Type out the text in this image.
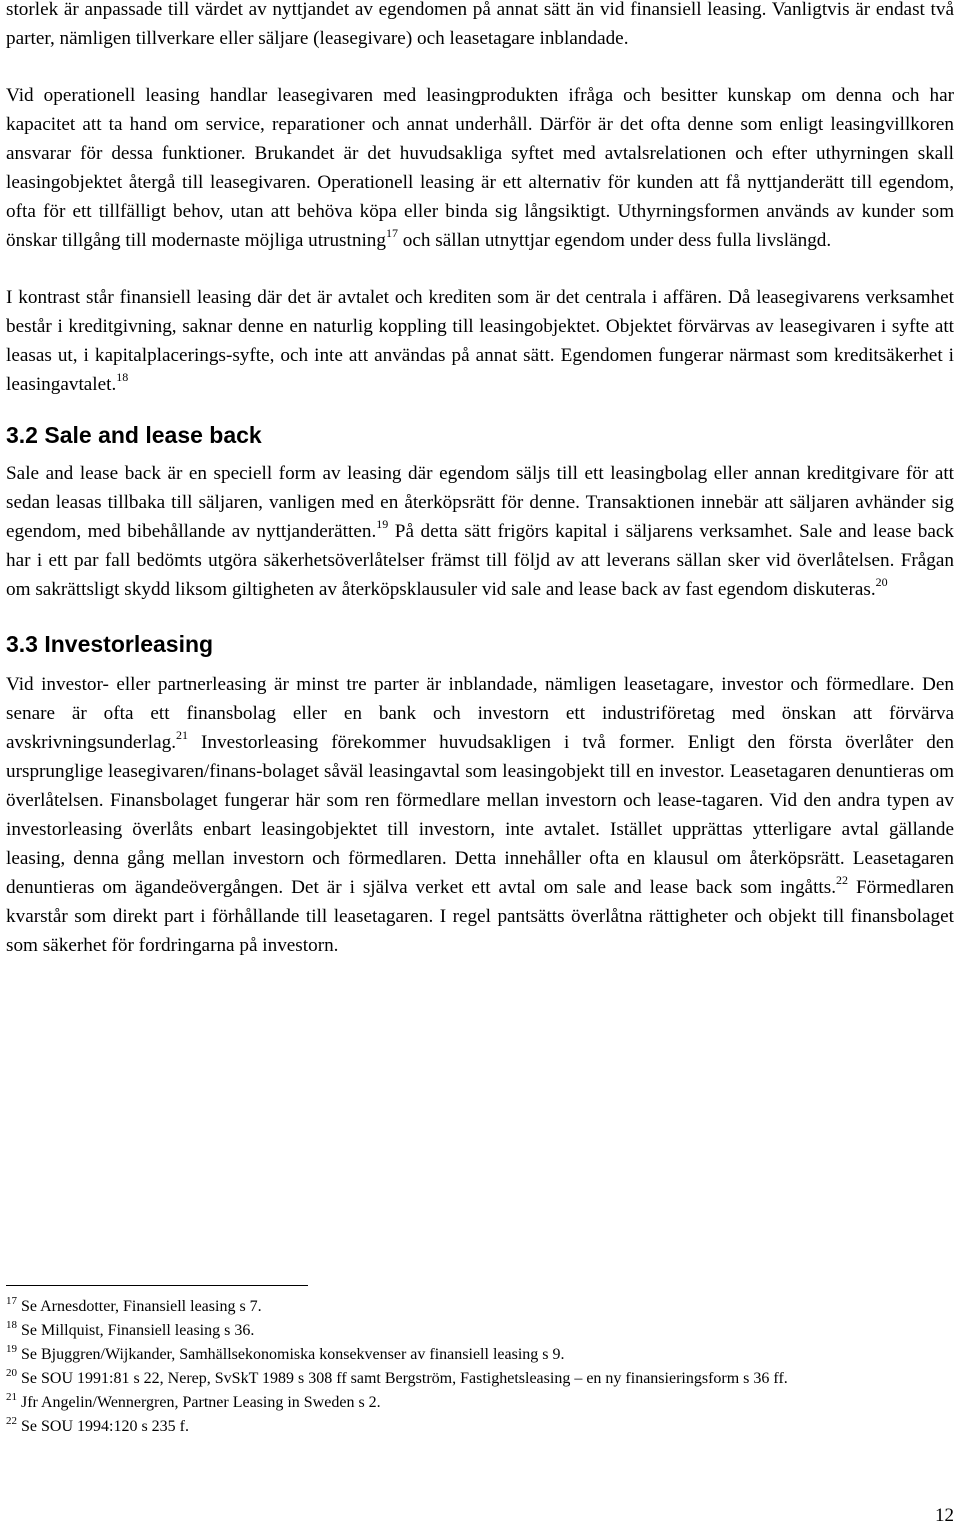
storlek är anpassade till värdet av nyttjandet av egendomen på annat sätt än vid finansiell leasing. Vanligtvis är endast två parter, nämligen tillverkare eller säljare (leasegivare) och leasetagare inblandade.

Vid operationell leasing handlar leasegivaren med leasingprodukten ifråga och besitter kunskap om denna och har kapacitet att ta hand om service, reparationer och annat underhåll. Därför är det ofta denne som enligt leasingvillkoren ansvarar för dessa funktioner. Brukandet är det huvudsakliga syftet med avtalsrelationen och efter uthyrningen skall leasingobjektet återgå till leasegivaren. Operationell leasing är ett alternativ för kunden att få nyttjanderätt till egendom, ofta för ett tillfälligt behov, utan att behöva köpa eller binda sig långsiktigt. Uthyrningsformen används av kunder som önskar tillgång till modernaste möjliga utrustning$^{17}$ och sällan utnyttjar egendom under dess fulla livslängd.

I kontrast står finansiell leasing där det är avtalet och krediten som är det centrala i affären. Då leasegivarens verksamhet består i kreditgivning, saknar denne en naturlig koppling till leasingobjektet. Objektet förvärvas av leasegivaren i syfte att leasas ut, i kapitalplacerings-syfte, och inte att användas på annat sätt. Egendomen fungerar närmast som kreditsäkerhet i leasingavtalet.$^{18}$

3.2 Sale and lease back

Sale and lease back är en speciell form av leasing där egendom säljs till ett leasingbolag eller annan kreditgivare för att sedan leasas tillbaka till säljaren, vanligen med en återköpsrätt för denne. Transaktionen innebär att säljaren avhänder sig egendom, med bibehållande av nyttjanderätten.$^{19}$ På detta sätt frigörs kapital i säljarens verksamhet. Sale and lease back har i ett par fall bedömts utgöra säkerhetsöverlåtelser främst till följd av att leverans sällan sker vid överlåtelsen. Frågan om sakrättsligt skydd liksom giltigheten av återköpsklausuler vid sale and lease back av fast egendom diskuteras.$^{20}$

3.3 Investorleasing

Vid investor- eller partnerleasing är minst tre parter är inblandade, nämligen leasetagare, investor och förmedlare. Den senare är ofta ett finansbolag eller en bank och investorn ett industriföretag med önskan att förvärva avskrivningsunderlag.$^{21}$ Investorleasing förekommer huvudsakligen i två former. Enligt den första överlåter den ursprunglige leasegivaren/finans-bolaget såväl leasingavtal som leasingobjekt till en investor. Leasetagaren denuntieras om överlåtelsen. Finansbolaget fungerar här som ren förmedlare mellan investorn och lease-tagaren. Vid den andra typen av investorleasing överlåts enbart leasingobjektet till investorn, inte avtalet. Istället upprättas ytterligare avtal gällande leasing, denna gång mellan investorn och förmedlaren. Detta innehåller ofta en klausul om återköpsrätt. Leasetagaren denuntieras om ägandeövergången. Det är i själva verket ett avtal om sale and lease back som ingåtts.$^{22}$ Förmedlaren kvarstår som direkt part i förhållande till leasetagaren. I regel pantsätts överlåtna rättigheter och objekt till finansbolaget som säkerhet för fordringarna på investorn.

$^{17}$ Se Arnesdotter, Finansiell leasing s 7.

$^{18}$ Se Millquist, Finansiell leasing s 36.

$^{19}$ Se Bjuggren/Wijkander, Samhällsekonomiska konsekvenser av finansiell leasing s 9.

$^{20}$ Se SOU 1991:81 s 22, Nerep, SvSkT 1989 s 308 ff samt Bergström, Fastighetsleasing – en ny finansieringsform s 36 ff.

$^{21}$ Jfr Angelin/Wennergren, Partner Leasing in Sweden s 2.

$^{22}$ Se SOU 1994:120 s 235 f.

12
